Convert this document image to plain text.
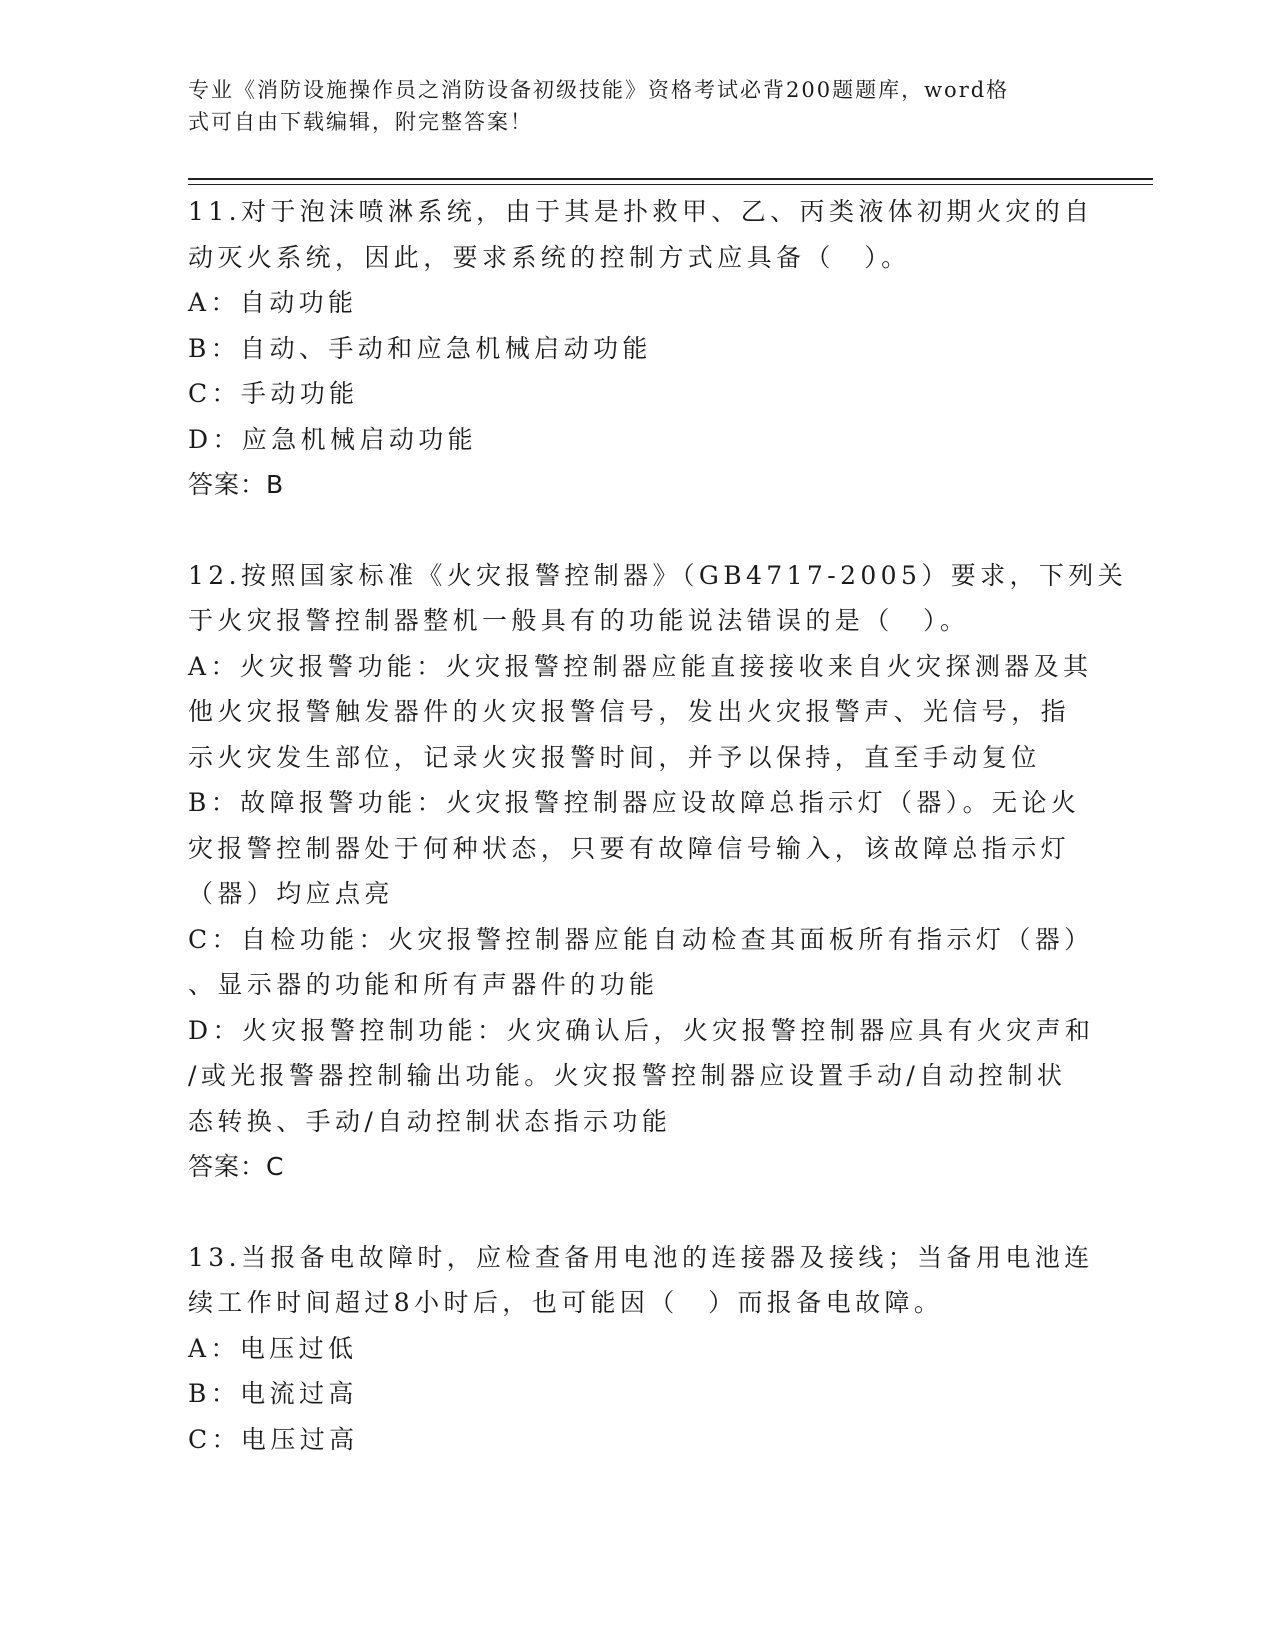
专业《消防设施操作员之消防设备初级技能》资格考试必背200题题库，word格
式可自由下载编辑，附完整答案！
11.对于泡沫喷淋系统，由于其是扑救甲、乙、丙类液体初期火灾的自
动灭火系统，因此，要求系统的控制方式应具备（　）。
A：自动功能
B：自动、手动和应急机械启动功能
C：手动功能
D：应急机械启动功能
答案：B
12.按照国家标准《火灾报警控制器》（GB4717-2005）要求，下列关
于火灾报警控制器整机一般具有的功能说法错误的是（　）。
A：火灾报警功能：火灾报警控制器应能直接接收来自火灾探测器及其
他火灾报警触发器件的火灾报警信号，发出火灾报警声、光信号，指
示火灾发生部位，记录火灾报警时间，并予以保持，直至手动复位
B：故障报警功能：火灾报警控制器应设故障总指示灯（器）。无论火
灾报警控制器处于何种状态，只要有故障信号输入，该故障总指示灯
（器）均应点亮
C：自检功能：火灾报警控制器应能自动检查其面板所有指示灯（器）
、显示器的功能和所有声器件的功能
D：火灾报警控制功能：火灾确认后，火灾报警控制器应具有火灾声和
/或光报警器控制输出功能。火灾报警控制器应设置手动/自动控制状
态转换、手动/自动控制状态指示功能
答案：C
13.当报备电故障时，应检查备用电池的连接器及接线；当备用电池连
续工作时间超过8小时后，也可能因（　）而报备电故障。
A：电压过低
B：电流过高
C：电压过高
